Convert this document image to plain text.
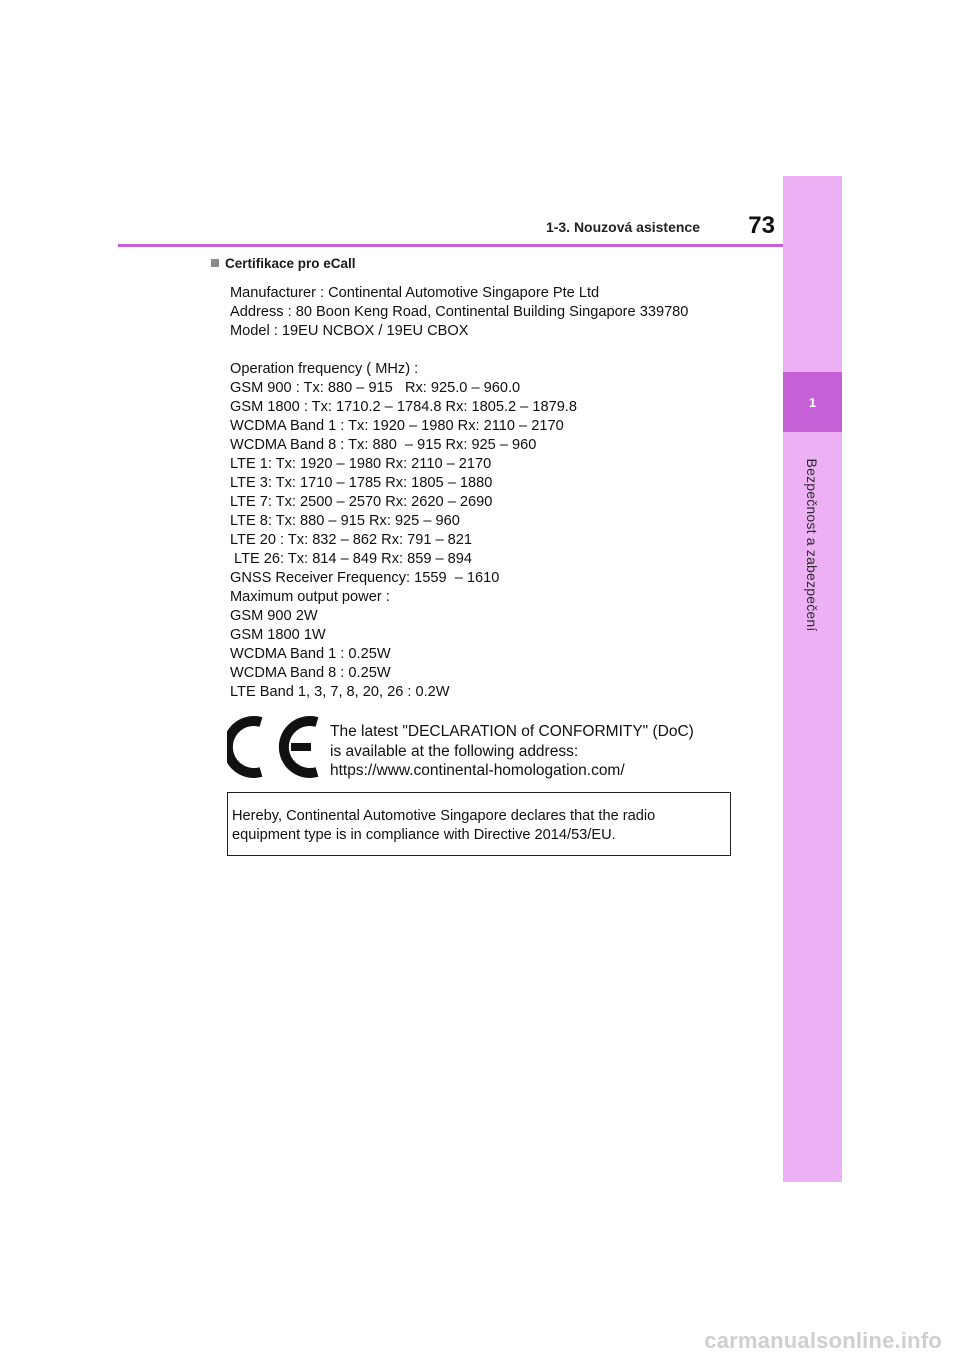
1
Bezpečnost a zabezpečení
1-3. Nouzová asistence	73
Certifikace pro eCall
Manufacturer : Continental Automotive Singapore Pte Ltd
Address : 80 Boon Keng Road, Continental Building Singapore 339780
Model : 19EU NCBOX / 19EU CBOX
Operation frequency ( MHz) :
GSM 900 : Tx: 880 – 915   Rx: 925.0 – 960.0
GSM 1800 : Tx: 1710.2 – 1784.8 Rx: 1805.2 – 1879.8
WCDMA Band 1 : Tx: 1920 – 1980 Rx: 2110 – 2170
WCDMA Band 8 : Tx: 880  – 915 Rx: 925 – 960
LTE 1: Tx: 1920 – 1980 Rx: 2110 – 2170
LTE 3: Tx: 1710 – 1785 Rx: 1805 – 1880
LTE 7: Tx: 2500 – 2570 Rx: 2620 – 2690
LTE 8: Tx: 880 – 915 Rx: 925 – 960
LTE 20 : Tx: 832 – 862 Rx: 791 – 821
LTE 26: Tx: 814 – 849 Rx: 859 – 894
GNSS Receiver Frequency: 1559  – 1610
Maximum output power :
GSM 900 2W
GSM 1800 1W
WCDMA Band 1 : 0.25W
WCDMA Band 8 : 0.25W
LTE Band 1, 3, 7, 8, 20, 26 : 0.2W
The latest "DECLARATION of CONFORMITY" (DoC)
is available at the following address:
https://www.continental-homologation.com/
Hereby, Continental Automotive Singapore declares that the radio
equipment type is in compliance with Directive 2014/53/EU.
carmanualsonline.info
